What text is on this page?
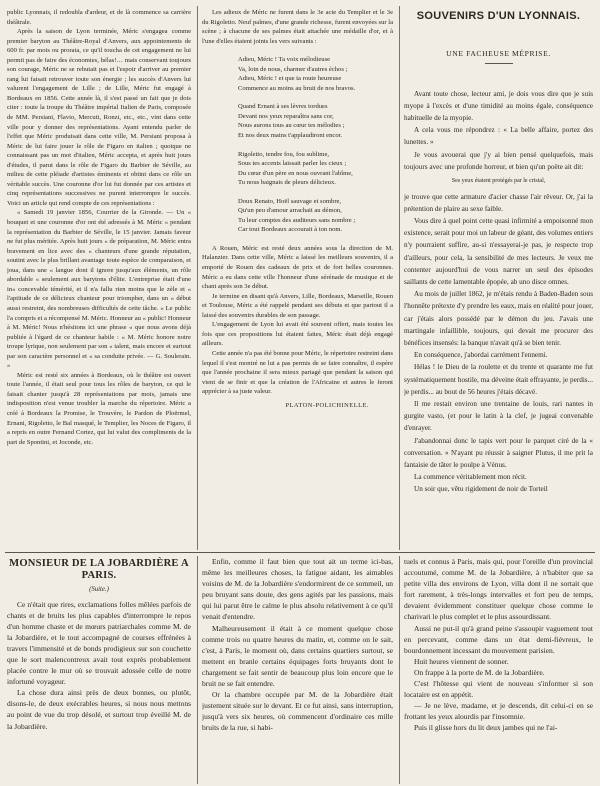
public Lyonnais, il redoubla d'ardeur, et de là commence sa carrière théâtrale.

Après la saison de Lyon terminée, Méric s'engagea comme premier baryton au Théâtre-Royal d'Anvers, aux appointements de 600 fr. par mois ou prorata, ce qu'il toucha de cet engagement ne lui permit pas de faire des économies, hélas!… mais conservant toujours son courage, Méric ne se rebutait pas et l'espoir d'arriver au premier rang lui faisait retrouver toute son énergie ; les succès d'Anvers lui valurent l'engagement de Lille ; de Lille, Méric fut engagé à Bordeaux en 1856. Cette année là, il s'est passé un fait que je dois citer : toute la troupe du Théâtre impérial Italien de Paris, composée de MM. Persiani, Flavio, Mercuti, Ronzi, etc., etc., vint dans cette ville pour y donner des représentations. Ayant entendu parler de l'effet que Méric produisait dans cette ville, M. Persiani proposa à Méric de lui faire jouer le rôle de Figaro en italien ; quoique ne connaissant pas un mot d'italien, Méric accepta, et après huit jours d'études, il parut dans le rôle de Figaro du Barbier de Séville, au milieu de cette pléiade d'artistes éminents et obtint dans ce rôle un véritable succès. Une couronne d'or lui fut donnée par ces artistes et cinq représentations successives ne purent interrompre le succès. Voici un article qui rend compte de ces représentations :

« Samedi 19 janvier 1856, Courrier de la Gironde. — Un « bouquet et une couronne d'or ont été adressés à M. Méric « pendant la représentation du Barbier de Séville, le 15 janvier. Jamais faveur ne fut plus méritée. Après huit jours « de préparation, M. Méric entra bravement en lice avec des « chanteurs d'une grande réputation, soutint avec le plus brillant avantage toute espèce de comparaison, et joua, dans une « langue dont il ignore jusqu'aux éléments, un rôle abordable « seulement aux barytons d'élite. L'entreprise était d'une in« concevable témérité, et il n'a fallu rien moins que le zèle et « l'aptitude de ce délicieux chanteur pour triompher, dans un « début aussi restreint, des nombreuses difficultés de cette tâche. « Le public l'a compris et a récompensé M. Méric. Honneur au « public! Honneur à M. Méric! Nous n'hésitons ici une phrase « que nous avons déjà publiée à l'égard de ce chanteur habile : « M. Méric honore notre troupe lyrique, non seulement par son « talent, mais encore et surtout par son caractère personnel et « sa conduite privée. — G. Soulerain. »

Méric est resté six années à Bordeaux, où le théâtre est ouvert toute l'année, il était seul pour tous les rôles de baryton, ce qui le faisait chanter jusqu'à 28 représentations par mois, jamais une indisposition n'est venue troubler la marche du répertoire. Méric a créé à Bordeaux la Promise, le Trouvère, le Pardon de Ploërmel, Ernani, Rigoletto, le Bal masqué, le Templier, les Noces de Figaro, il a repris en outre Fernand Cortez, qui lui valut des compliments de la part de Spontini, et Joconde, etc.

Les adieux de Méric ne furent dans le 3e acte du Templier et le 3e du Rigoletto. Neuf palmes, d'une grande richesse, furent envoyées sur la scène ; à chacune de ses palmes était attachée une médaille d'or, et à l'une d'elles étaient joints les vers suivants :

Adieu, Méric ! Ta voix mélodieuse
Va, loin de nous, charmer d'autres échos ;
Adieu, Méric ! et que ta route heureuse
Commence au moins au bruit de nos bravos.
Quand Ernani à ses lèvres tordues
Devant nos yeux reparaîtra sans cor,
Nous aurons tous au cœur tes mélodies ;
Et nos deux mains t'applaudiront encor.
Rigoletto, tendre fou, fou sublime,
Sous tes accents laissait parler les cieux ;
Du cœur d'un père en nous ouvrant l'abîme,
Tu nous baignais de pleurs délicieux.
Doux Renato, Hoël sauvage et sombre,
Qu'un peu d'amour arrachait au démon,
Tu leur comptes des auditeurs sans nombre ;
Car tout Bordeaux accourait à ton nom.

A Rouen, Méric est resté deux années sous la direction de M. Halanzier. Dans cette ville, Méric a laissé les meilleurs souvenirs, il a emporté de Rouen des cadeaux de prix et de fort belles couronnes. Méric a eu dans cette ville l'honneur d'une sérénade de musique et de chant après son 3e début.

Je termine en disant qu'à Anvers, Lille, Bordeaux, Marseille, Rouen et Toulouse, Méric a été rappelé pendant ses débuts et que partout il a laissé des souvenirs durables de son passage.

L'engagement de Lyon lui avait été souvent offert, mais toutes les fois que ces propositions lui étaient faites, Méric était déjà engagé ailleurs.

Cette année n'a pas été bonne pour Méric, le répertoire restreint dans lequel il s'est montré ne lui a pas permis de se faire connaître, il espère que l'année prochaine il sera mieux partagé que pendant la saison qui vient de se finir et que la création de l'Africaine et autres le feront apprécier à sa juste valeur.

PLATON-POLICHINELLE.
SOUVENIRS D'UN LYONNAIS.
UNE FACHEUSE MÉPRISE.

Avant toute chose, lecteur ami, je dois vous dire que je suis myope à l'excès et d'une timidité au moins égale, conséquence habituelle de la myopie.

A cela vous me répondrez : « La belle affaire, portez des lunettes. »

Je vous avouerai que j'y ai bien pensé quelquefois, mais toujours avec une profonde horreur, et bien qu'un poëte ait dit:

Ses yeux étaient protégés par le cristal,

je trouve que cette armature d'acier chasse l'air rêveur. Or, j'ai la prétention de plaire au sexe faible.

Vous dire à quel point cette quasi infirmité a empoisonné mon existence, serait pour moi un labeur de géant, des volumes entiers n'y pourraient suffire, au-si n'essayerai-je pas, je respecte trop d'ailleurs, pour cela, la sensibilité de mes lecteurs. Je veux me contenter aujourd'hui de vous narrer un seul des épisodes saillants de cette lamentable épopée, ab uno disce omnes.

Au mois de juillet 1862, je m'étais rendu à Baden-Baden sous l'honnête prétexte d'y prendre les eaux, mais en réalité pour jouer, car j'étais alors possédé par le démon du jeu. J'avais une martingale infaillible, toujours, qui devait me procurer des bénéfices insensés: la banque n'avait qu'à se bien tenir.

En conséquence, j'abordai carrément l'ennemi.

Hélas ! le Dieu de la roulette et du trente et quarante me fut systématiquement hostile, ma déveine était effrayante, je perdis... je perdis... au bout de 56 heures j'étais décavé.

Il me restait environ une trentaine de louis, rari nantes in gurgite vasto, (et pour le latin à la clef, je jugeai convenable d'enrayer.

J'abandonnai donc le tapis vert pour le parquet ciré de la « conversation. » N'ayant pu réussir à saigner Plutus, il me prit la fantaisie de tâter le poulpe à Vénus.

La commence véritablement mon récit.

Un soir que, vêtu rigidement de noir de Torteil

MONSIEUR DE LA JOBARDIÈRE A PARIS.
(Suite.)

Ce n'était que rires, exclamations folles mêlées parfois de chants et de bruits les plus capables d'interrompre le repos d'un homme chaste et de mœurs patriarchales comme M. de la Jobardière, et le tout accompagné de courses effrénées à travers l'immensité et de bonds prodigieux sur son couchette que le sort malencontreux avait tout exprès probablement placée contre le mur où se trouvait adossée celle de notre infortuné voyageur.

La chose dura ainsi près de deux bonnes, ou plutôt, disons-le, de deux exécrables heures, si nous nous mettons au point de vue du trop désolé, et surtout trop éveillé M. de la Jobardière.

Enfin, comme il faut bien que tout ait un terme ici-bas, même les meilleures choses, la fatigue aidant, les aimables voisins de M. de la Jobardière s'endormirent de ce sommeil, un peu bruyant sans doute, des gens agités par les passions, mais qui lui parut être le calme le plus absolu relativement à ce qu'il venait d'entendre.

Malheureusement il était à ce moment quelque chose comme trois ou quatre heures du matin, et, comme on le sait, c'est, à Paris, le moment où, dans certains quartiers surtout, se mettent en branle certains équipages forts bruyants dont le chargement se fait sentir de beaucoup plus loin encore que le bruit ne se fait entendre.

Or la chambre occupée par M. de la Jobardière était justement située sur le devant. Et ce fut ainsi, sans interruption, jusqu'à vers six heures, où commencent d'ordinaire ces mille bruits de la rue, si habi-

tuels et connus à Paris, mais qui, pour l'oreille d'un provincial accoutumé, comme M. de la Jobardière, à n'habiter que sa petite villa des environs de Lyon, villa dont il ne sortait que fort rarement, à très-longs intervalles et fort peu de temps, devaient évidemment constituer quelque chose comme le charivari le plus complet et le plus assourdissant.

Aussi ne put-il qu'à grand peine s'assoupir vaguement tout en percevant, comme dans un état demi-fiévreux, le bourdonnement incessant du mouvement parisien.

Huit heures viennent de sonner.

On frappe à la porte de M. de la Jobardière.

C'est l'hôtesse qui vient de nouveau s'informer si son locataire est en appétit.

— Je ne lève, madame, et je descends, dit celui-ci en se frottant les yeux alourdis par l'insomnie.

Puis il glisse hors du lit deux jambes qui ne l'ai-
